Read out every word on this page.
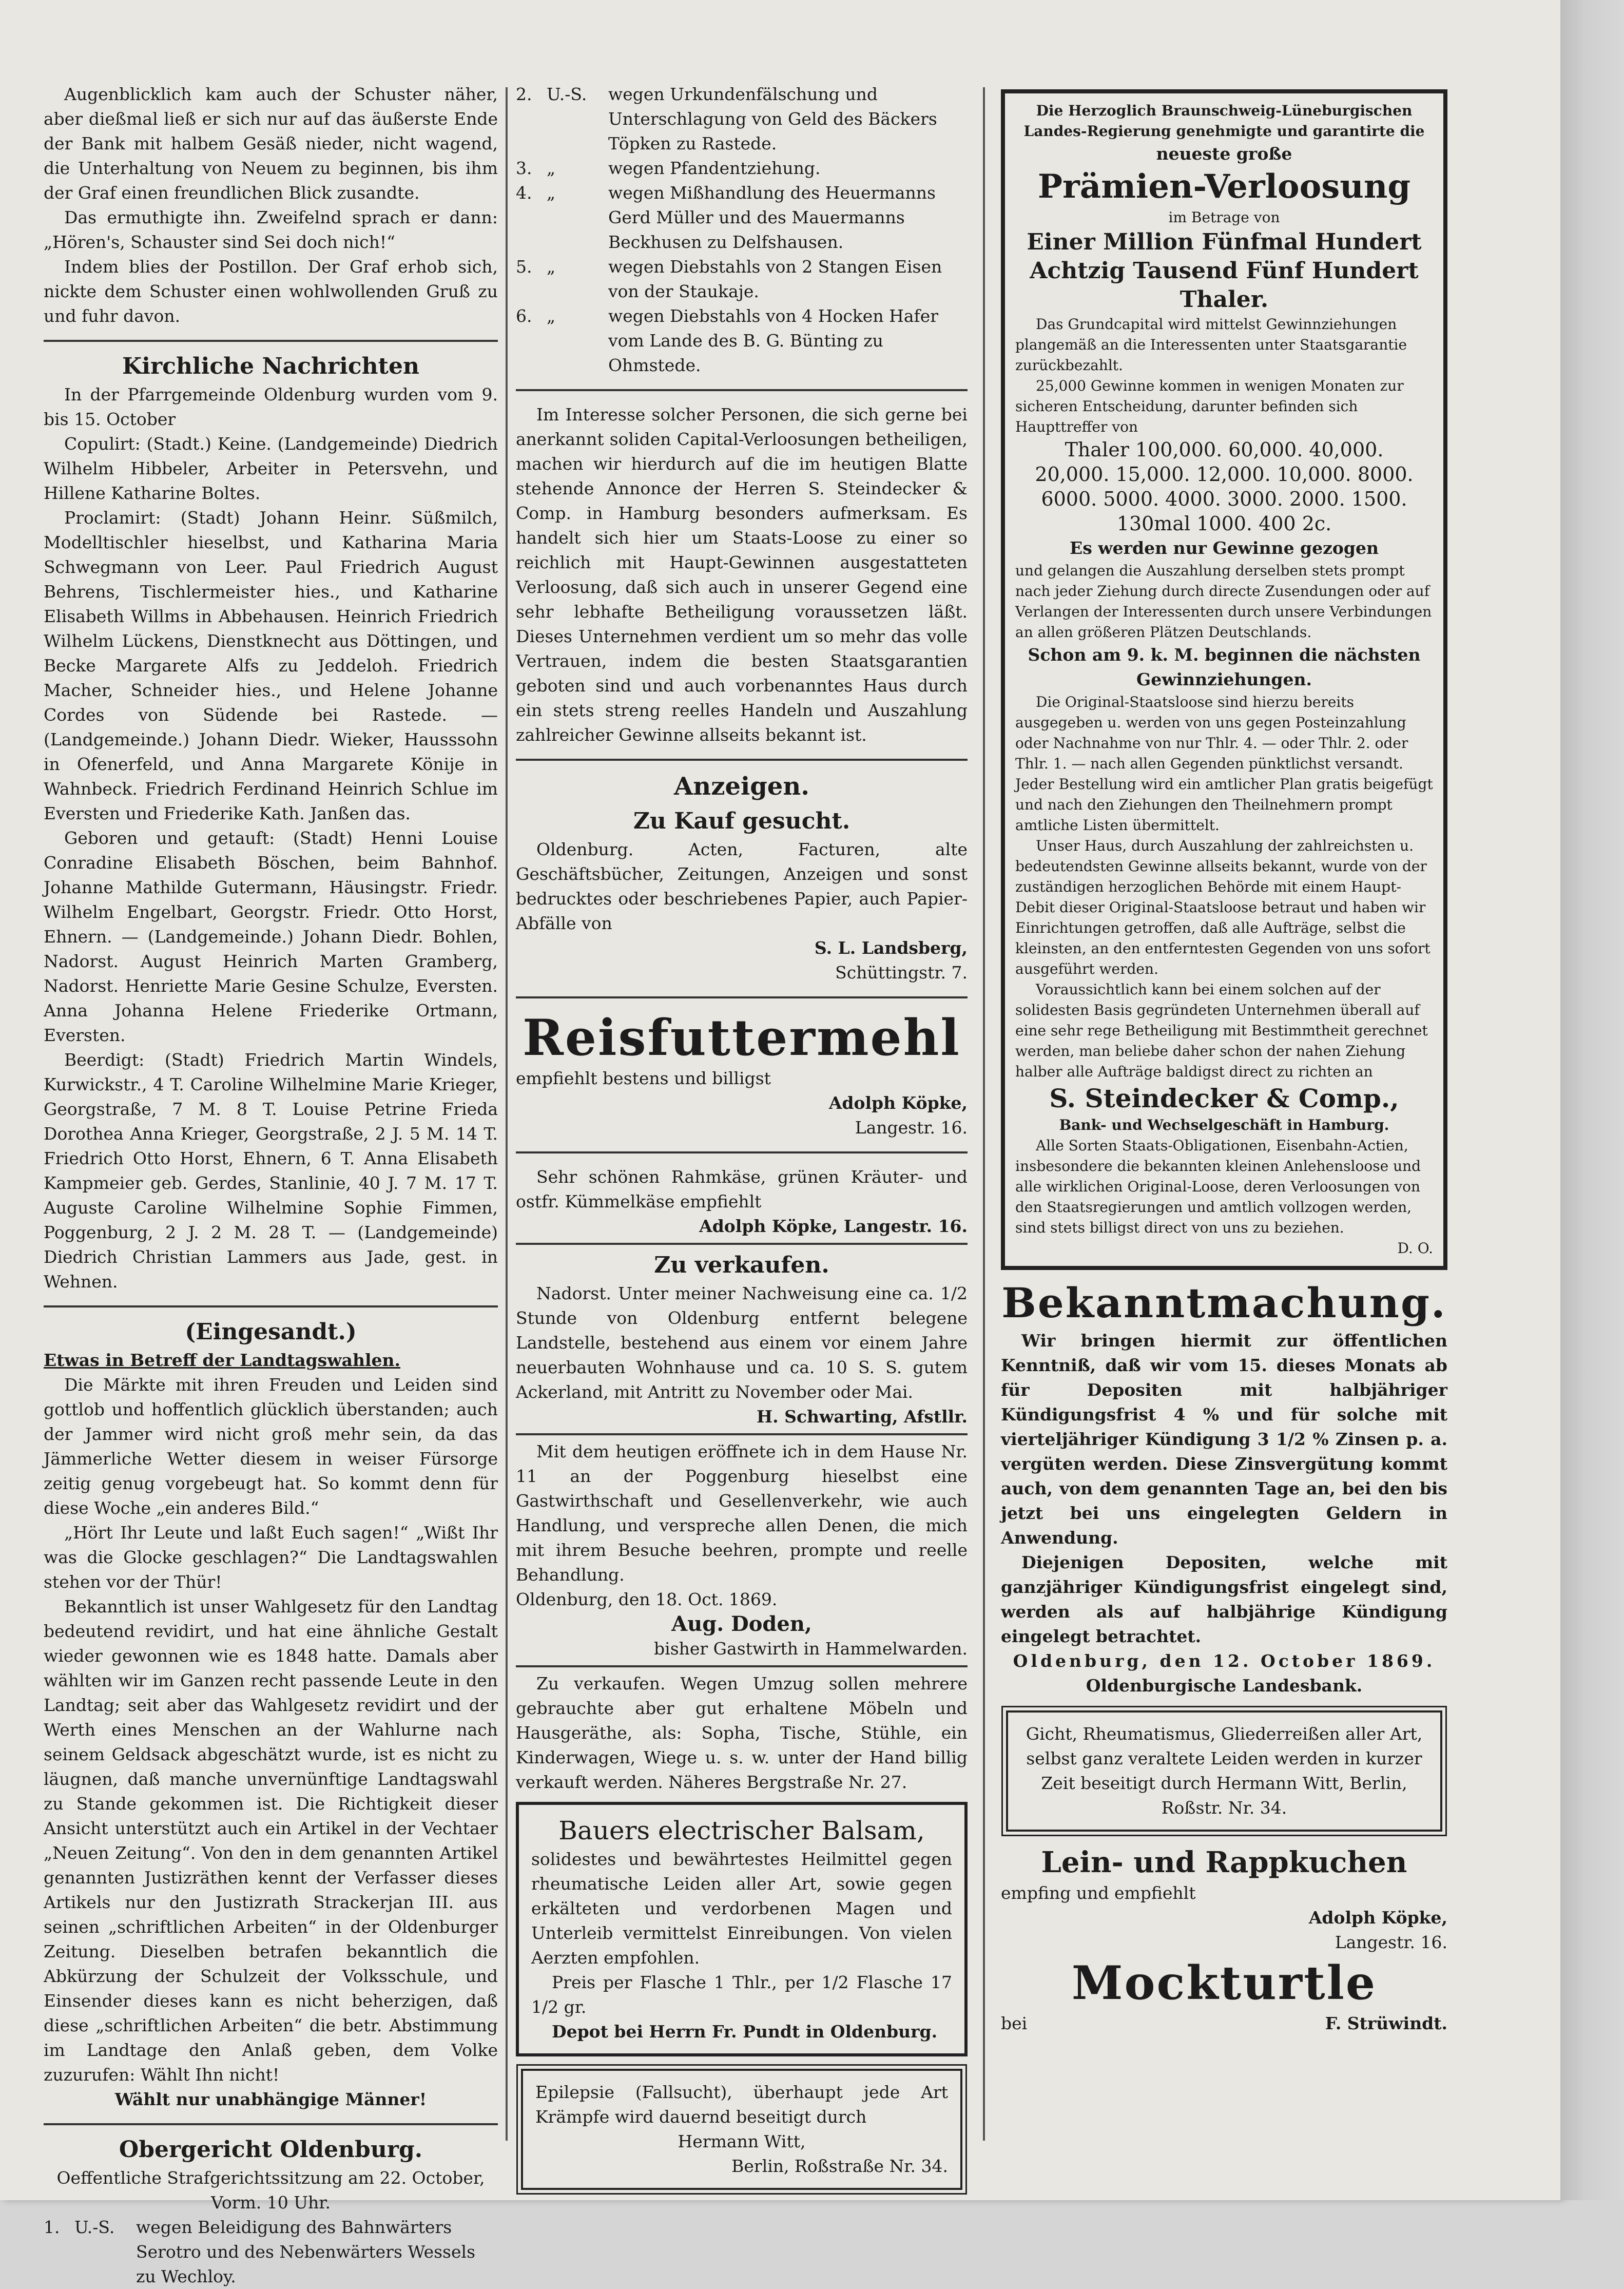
Augenblicklich kam auch der Schuster näher, aber dießmal ließ er sich nur auf das äußerste Ende der Bank mit halbem Gesäß nieder, nicht wagend, die Unterhaltung von Neuem zu beginnen, bis ihm der Graf einen freundlichen Blick zusandte.

Das ermuthigte ihn. Zweifelnd sprach er dann: „Hören's, Schauster sind Sei doch nich!“

Indem blies der Postillon. Der Graf erhob sich, nickte dem Schuster einen wohlwollenden Gruß zu und fuhr davon.

Kirchliche Nachrichten

In der Pfarrgemeinde Oldenburg wurden vom 9. bis 15. October

Copulirt: (Stadt.) Keine. (Landgemeinde) Diedrich Wilhelm Hibbeler, Arbeiter in Petersvehn, und Hillene Katharine Boltes.

Proclamirt: (Stadt) Johann Heinr. Süßmilch, Modelltischler hieselbst, und Katharina Maria Schwegmann von Leer. Paul Friedrich August Behrens, Tischlermeister hies., und Katharine Elisabeth Willms in Abbehausen. Heinrich Friedrich Wilhelm Lückens, Dienstknecht aus Döttingen, und Becke Margarete Alfs zu Jeddeloh. Friedrich Macher, Schneider hies., und Helene Johanne Cordes von Südende bei Rastede. — (Landgemeinde.) Johann Diedr. Wieker, Hausssohn in Ofenerfeld, und Anna Margarete Könije in Wahnbeck. Friedrich Ferdinand Heinrich Schlue im Eversten und Friederike Kath. Janßen das.

Geboren und getauft: (Stadt) Henni Louise Conradine Elisabeth Böschen, beim Bahnhof. Johanne Mathilde Gutermann, Häusingstr. Friedr. Wilhelm Engelbart, Georgstr. Friedr. Otto Horst, Ehnern. — (Landgemeinde.) Johann Diedr. Bohlen, Nadorst. August Heinrich Marten Gramberg, Nadorst. Henriette Marie Gesine Schulze, Eversten. Anna Johanna Helene Friederike Ortmann, Eversten.

Beerdigt: (Stadt) Friedrich Martin Windels, Kurwickstr., 4 T. Caroline Wilhelmine Marie Krieger, Georgstraße, 7 M. 8 T. Louise Petrine Frieda Dorothea Anna Krieger, Georgstraße, 2 J. 5 M. 14 T. Friedrich Otto Horst, Ehnern, 6 T. Anna Elisabeth Kampmeier geb. Gerdes, Stanlinie, 40 J. 7 M. 17 T. Auguste Caroline Wilhelmine Sophie Fimmen, Poggenburg, 2 J. 2 M. 28 T. — (Landgemeinde) Diedrich Christian Lammers aus Jade, gest. in Wehnen.

(Eingesandt.)

Etwas in Betreff der Landtagswahlen.

Die Märkte mit ihren Freuden und Leiden sind gottlob und hoffentlich glücklich überstanden; auch der Jammer wird nicht groß mehr sein, da das Jämmerliche Wetter diesem in weiser Fürsorge zeitig genug vorgebeugt hat. So kommt denn für diese Woche „ein anderes Bild.“

„Hört Ihr Leute und laßt Euch sagen!“ „Wißt Ihr was die Glocke geschlagen?“ Die Landtagswahlen stehen vor der Thür!

Bekanntlich ist unser Wahlgesetz für den Landtag bedeutend revidirt, und hat eine ähnliche Gestalt wieder gewonnen wie es 1848 hatte. Damals aber wählten wir im Ganzen recht passende Leute in den Landtag; seit aber das Wahlgesetz revidirt und der Werth eines Menschen an der Wahlurne nach seinem Geldsack abgeschätzt wurde, ist es nicht zu läugnen, daß manche unvernünftige Landtagswahl zu Stande gekommen ist. Die Richtigkeit dieser Ansicht unterstützt auch ein Artikel in der Vechtaer „Neuen Zeitung“. Von den in dem genannten Artikel genannten Justizräthen kennt der Verfasser dieses Artikels nur den Justizrath Strackerjan III. aus seinen „schriftlichen Arbeiten“ in der Oldenburger Zeitung. Dieselben betrafen bekanntlich die Abkürzung der Schulzeit der Volksschule, und Einsender dieses kann es nicht beherzigen, daß diese „schriftlichen Arbeiten“ die betr. Abstimmung im Landtage den Anlaß geben, dem Volke zuzurufen: Wählt Ihn nicht!

Wählt nur unabhängige Männer!

Obergericht Oldenburg.

Oeffentliche Strafgerichtssitzung am 22. October, Vorm. 10 Uhr.

1. U.-S.	wegen Beleidigung des Bahnwärters Serotro und des Nebenwärters Wessels zu Wechloy.
2. U.-S.	wegen Urkundenfälschung und Unterschlagung von Geld des Bäckers Töpken zu Rastede.
3. „	wegen Pfandentziehung.
4. „	wegen Mißhandlung des Heuermanns Gerd Müller und des Mauermanns Beckhusen zu Delfshausen.
5. „	wegen Diebstahls von 2 Stangen Eisen von der Staukaje.
6. „	wegen Diebstahls von 4 Hocken Hafer vom Lande des B. G. Bünting zu Ohmstede.

Im Interesse solcher Personen, die sich gerne bei anerkannt soliden Capital-Verloosungen betheiligen, machen wir hierdurch auf die im heutigen Blatte stehende Annonce der Herren S. Steindecker & Comp. in Hamburg besonders aufmerksam. Es handelt sich hier um Staats-Loose zu einer so reichlich mit Haupt-Gewinnen ausgestatteten Verloosung, daß sich auch in unserer Gegend eine sehr lebhafte Betheiligung voraussetzen läßt. Dieses Unternehmen verdient um so mehr das volle Vertrauen, indem die besten Staatsgarantien geboten sind und auch vorbenanntes Haus durch ein stets streng reelles Handeln und Auszahlung zahlreicher Gewinne allseits bekannt ist.

Anzeigen.

Zu Kauf gesucht.

Oldenburg. Acten, Facturen, alte Geschäftsbücher, Zeitungen, Anzeigen und sonst bedrucktes oder beschriebenes Papier, auch Papier-Abfälle von

S. L. Landsberg,

Schüttingstr. 7.

Reisfuttermehl

empfiehlt bestens und billigst

Adolph Köpke,

Langestr. 16.

Sehr schönen Rahmkäse, grünen Kräuter- und ostfr. Kümmelkäse empfiehlt

Adolph Köpke, Langestr. 16.

Zu verkaufen.

Nadorst. Unter meiner Nachweisung eine ca. 1/2 Stunde von Oldenburg entfernt belegene Landstelle, bestehend aus einem vor einem Jahre neuerbauten Wohnhause und ca. 10 S. S. gutem Ackerland, mit Antritt zu November oder Mai.

H. Schwarting, Afstllr.

Mit dem heutigen eröffnete ich in dem Hause Nr. 11 an der Poggenburg hieselbst eine Gastwirthschaft und Gesellenverkehr, wie auch Handlung, und verspreche allen Denen, die mich mit ihrem Besuche beehren, prompte und reelle Behandlung.

Oldenburg, den 18. Oct. 1869.

Aug. Doden,

bisher Gastwirth in Hammelwarden.

Zu verkaufen. Wegen Umzug sollen mehrere gebrauchte aber gut erhaltene Möbeln und Hausgeräthe, als: Sopha, Tische, Stühle, ein Kinderwagen, Wiege u. s. w. unter der Hand billig verkauft werden. Näheres Bergstraße Nr. 27.

Bauers electrischer Balsam,

solidestes und bewährtestes Heilmittel gegen rheumatische Leiden aller Art, sowie gegen erkälteten und verdorbenen Magen und Unterleib vermittelst Einreibungen. Von vielen Aerzten empfohlen.

Preis per Flasche 1 Thlr., per 1/2 Flasche 17 1/2 gr.

Depot bei Herrn Fr. Pundt in Oldenburg.

Epilepsie (Fallsucht), überhaupt jede Art Krämpfe wird dauernd beseitigt durch

Hermann Witt,

Berlin, Roßstraße Nr. 34.

Die Herzoglich Braunschweig-Lüneburgischen Landes-Regierung genehmigte und garantirte die

neueste große

Prämien-Verloosung

im Betrage von

Einer Million Fünfmal Hundert Achtzig Tausend Fünf Hundert Thaler.

Das Grundcapital wird mittelst Gewinnziehungen plangemäß an die Interessenten unter Staatsgarantie zurückbezahlt.

25,000 Gewinne kommen in wenigen Monaten zur sicheren Entscheidung, darunter befinden sich Haupttreffer von

Thaler 100,000. 60,000. 40,000.

20,000. 15,000. 12,000. 10,000. 8000.

6000. 5000. 4000. 3000. 2000. 1500.

130mal 1000. 400 2c.

Es werden nur Gewinne gezogen

und gelangen die Auszahlung derselben stets prompt nach jeder Ziehung durch directe Zusendungen oder auf Verlangen der Interessenten durch unsere Verbindungen an allen größeren Plätzen Deutschlands.

Schon am 9. k. M. beginnen die nächsten Gewinnziehungen.

Die Original-Staatsloose sind hierzu bereits ausgegeben u. werden von uns gegen Posteinzahlung oder Nachnahme von nur Thlr. 4. — oder Thlr. 2. oder Thlr. 1. — nach allen Gegenden pünktlichst versandt. Jeder Bestellung wird ein amtlicher Plan gratis beigefügt und nach den Ziehungen den Theilnehmern prompt amtliche Listen übermittelt.

Unser Haus, durch Auszahlung der zahlreichsten u. bedeutendsten Gewinne allseits bekannt, wurde von der zuständigen herzoglichen Behörde mit einem Haupt-Debit dieser Original-Staatsloose betraut und haben wir Einrichtungen getroffen, daß alle Aufträge, selbst die kleinsten, an den entferntesten Gegenden von uns sofort ausgeführt werden.

Voraussichtlich kann bei einem solchen auf der solidesten Basis gegründeten Unternehmen überall auf eine sehr rege Betheiligung mit Bestimmtheit gerechnet werden, man beliebe daher schon der nahen Ziehung halber alle Aufträge baldigst direct zu richten an

S. Steindecker & Comp.,

Bank- und Wechselgeschäft in Hamburg.

Alle Sorten Staats-Obligationen, Eisenbahn-Actien, insbesondere die bekannten kleinen Anlehensloose und alle wirklichen Original-Loose, deren Verloosungen von den Staatsregierungen und amtlich vollzogen werden, sind stets billigst direct von uns zu beziehen.

D. O.

Bekanntmachung.

Wir bringen hiermit zur öffentlichen Kenntniß, daß wir vom 15. dieses Monats ab für Depositen mit halbjähriger Kündigungsfrist 4 % und für solche mit vierteljähriger Kündigung 3 1/2 % Zinsen p. a. vergüten werden. Diese Zinsvergütung kommt auch, von dem genannten Tage an, bei den bis jetzt bei uns eingelegten Geldern in Anwendung.

Diejenigen Depositen, welche mit ganzjähriger Kündigungsfrist eingelegt sind, werden als auf halbjährige Kündigung eingelegt betrachtet.

Oldenburg, den 12. October 1869.

Oldenburgische Landesbank.

Gicht, Rheumatismus, Gliederreißen aller Art, selbst ganz veraltete Leiden werden in kurzer Zeit beseitigt durch Hermann Witt, Berlin, Roßstr. Nr. 34.

Lein- und Rappkuchen

empfing und empfiehlt

Adolph Köpke,

Langestr. 16.

Mockturtle

bei	F. Strüwindt.
